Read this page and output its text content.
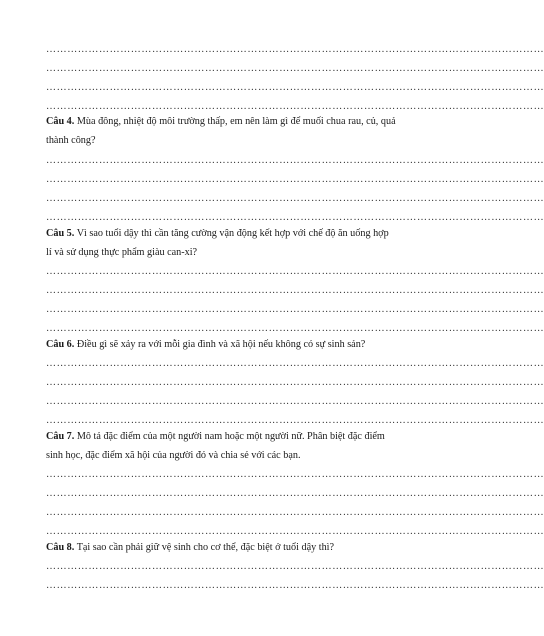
……………………………………………………………………………………………………………………………
……………………………………………………………………………………………………………………………
……………………………………………………………………………………………………………………………
……………………………………………………………………………………………………………………………
Câu 4. Mùa đông, nhiệt độ môi trường thấp, em nên làm gì để muối chua rau, củ, quả
thành công?
……………………………………………………………………………………………………………………………
……………………………………………………………………………………………………………………………
……………………………………………………………………………………………………………………………
……………………………………………………………………………………………………………………………
Câu 5. Vì sao tuổi dậy thì cần tăng cường vận động kết hợp với chế độ ăn uống hợp
lí và sử dụng thực phẩm giàu can-xi?
……………………………………………………………………………………………………………………………
……………………………………………………………………………………………………………………………
……………………………………………………………………………………………………………………………
……………………………………………………………………………………………………………………………
Câu 6. Điều gì sẽ xảy ra với mỗi gia đình và xã hội nếu không có sự sinh sản?
……………………………………………………………………………………………………………………………
……………………………………………………………………………………………………………………………
……………………………………………………………………………………………………………………………
……………………………………………………………………………………………………………………………
Câu 7. Mô tả đặc điểm của một người nam hoặc một người nữ. Phân biệt đặc điểm
sinh học, đặc điểm xã hội của người đó và chia sẻ với các bạn.
……………………………………………………………………………………………………………………………
……………………………………………………………………………………………………………………………
……………………………………………………………………………………………………………………………
……………………………………………………………………………………………………………………………
Câu 8. Tại sao cần phải giữ vệ sinh cho cơ thể, đặc biệt ở tuổi dậy thì?
……………………………………………………………………………………………………………………………
……………………………………………………………………………………………………………………………
